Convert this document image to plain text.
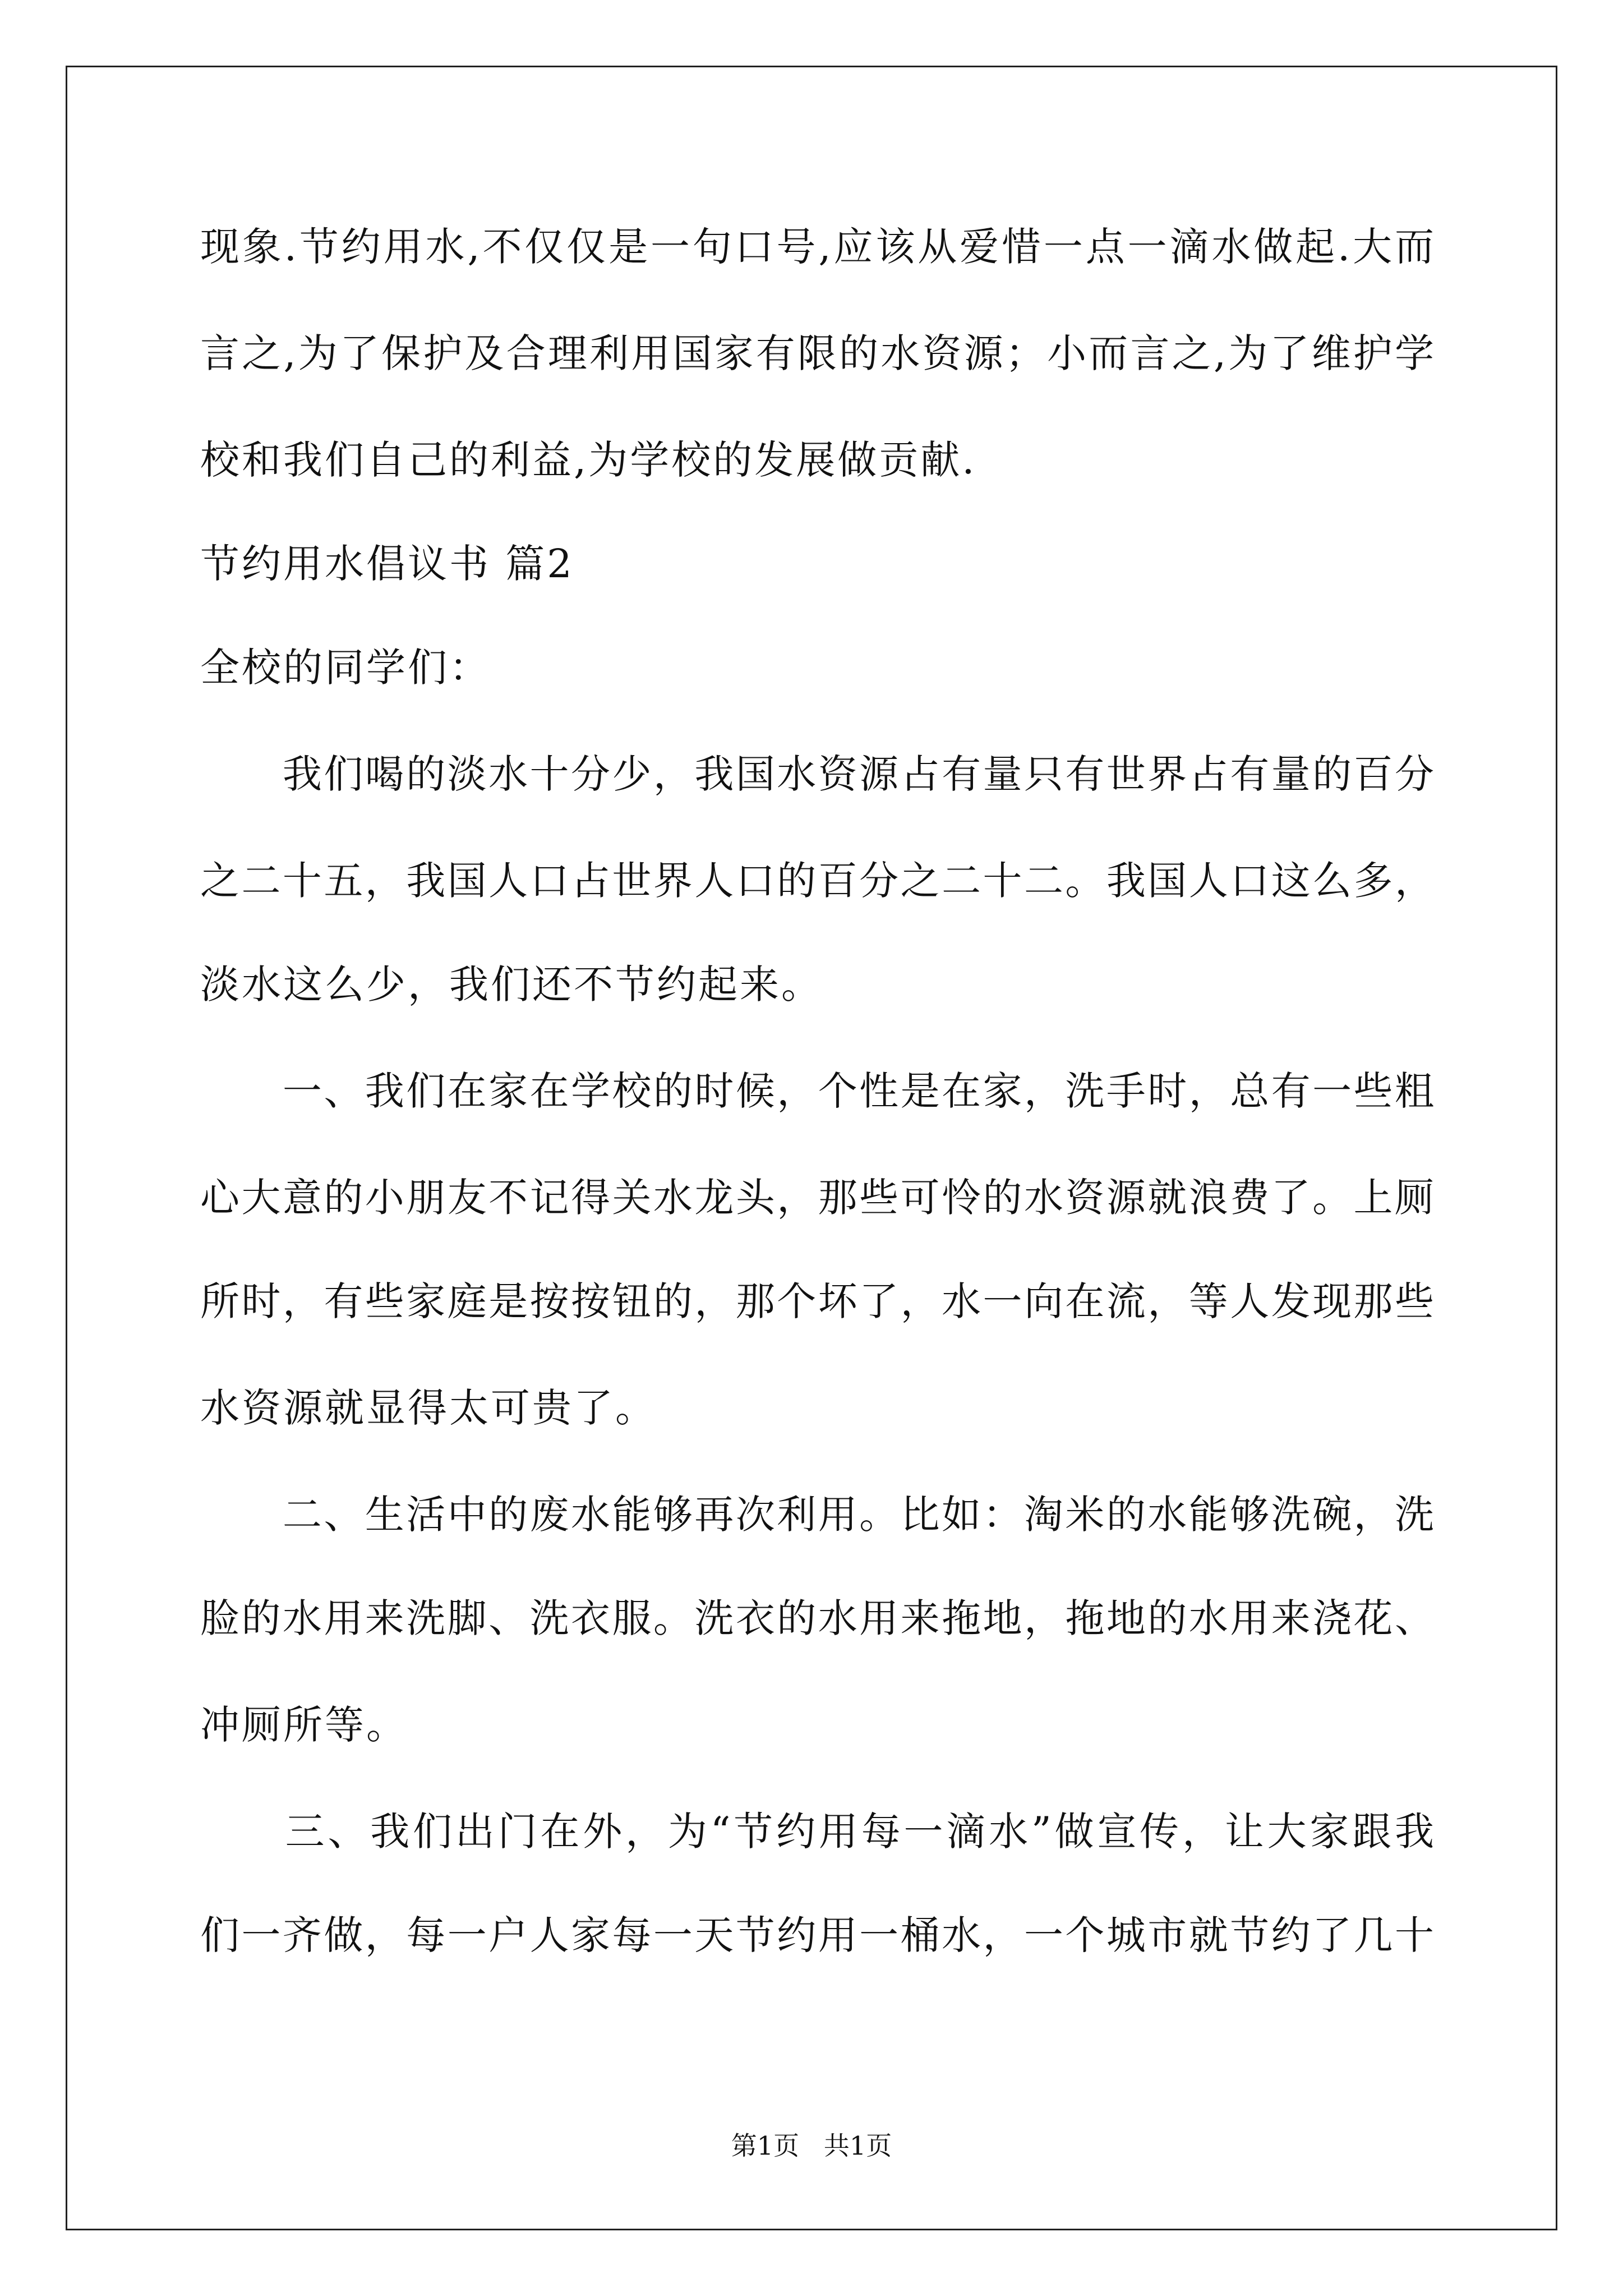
现象.节约用水,不仅仅是一句口号,应该从爱惜一点一滴水做起.大而
言之,为了保护及合理利用国家有限的水资源；小而言之,为了维护学
校和我们自己的利益,为学校的发展做贡献.
节约用水倡议书 篇2
全校的同学们：
　　我们喝的淡水十分少，我国水资源占有量只有世界占有量的百分
之二十五，我国人口占世界人口的百分之二十二。我国人口这么多，
淡水这么少，我们还不节约起来。
　　一、我们在家在学校的时候，个性是在家，洗手时，总有一些粗
心大意的小朋友不记得关水龙头，那些可怜的水资源就浪费了。上厕
所时，有些家庭是按按钮的，那个坏了，水一向在流，等人发现那些
水资源就显得太可贵了。
　　二、生活中的废水能够再次利用。比如：淘米的水能够洗碗，洗
脸的水用来洗脚、洗衣服。洗衣的水用来拖地，拖地的水用来浇花、
冲厕所等。
　　三、我们出门在外，为“节约用每一滴水”做宣传，让大家跟我
们一齐做，每一户人家每一天节约用一桶水，一个城市就节约了几十
第1页   共1页
